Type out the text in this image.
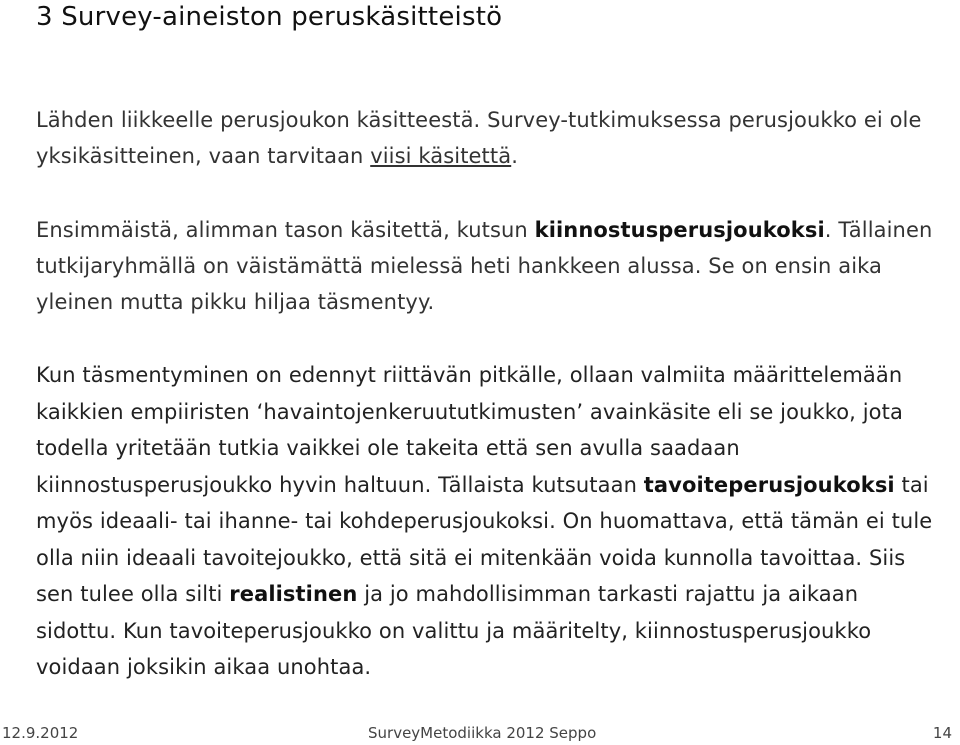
3 Survey-aineiston peruskäsitteistö

Lähden liikkeelle perusjoukon käsitteestä. Survey-tutkimuksessa perusjoukko ei ole yksikäsitteinen, vaan tarvitaan viisi käsitettä.

Ensimmäistä, alimman tason käsitettä, kutsun kiinnostusperusjoukoksi. Tällainen tutkijaryhmällä on väistämättä mielessä heti hankkeen alussa. Se on ensin aika yleinen mutta pikku hiljaa täsmentyy.

Kun täsmentyminen on edennyt riittävän pitkälle, ollaan valmiita määrittelemään kaikkien empiiristen ‘havaintojenkeruututkimusten’ avainkäsite eli se joukko, jota todella yritetään tutkia vaikkei ole takeita että sen avulla saadaan kiinnostusperusjoukko hyvin haltuun. Tällaista kutsutaan tavoiteperusjoukoksi tai myös ideaali- tai ihanne- tai kohdeperusjoukoksi. On huomattava, että tämän ei tule olla niin ideaali tavoitejoukko, että sitä ei mitenkään voida kunnolla tavoittaa. Siis sen tulee olla silti realistinen ja jo mahdollisimman tarkasti rajattu ja aikaan sidottu. Kun tavoiteperusjoukko on valittu ja määritelty, kiinnostusperusjoukko voidaan joksikin aikaa unohtaa.

12.9.2012	SurveyMetodiikka 2012 Seppo	14
